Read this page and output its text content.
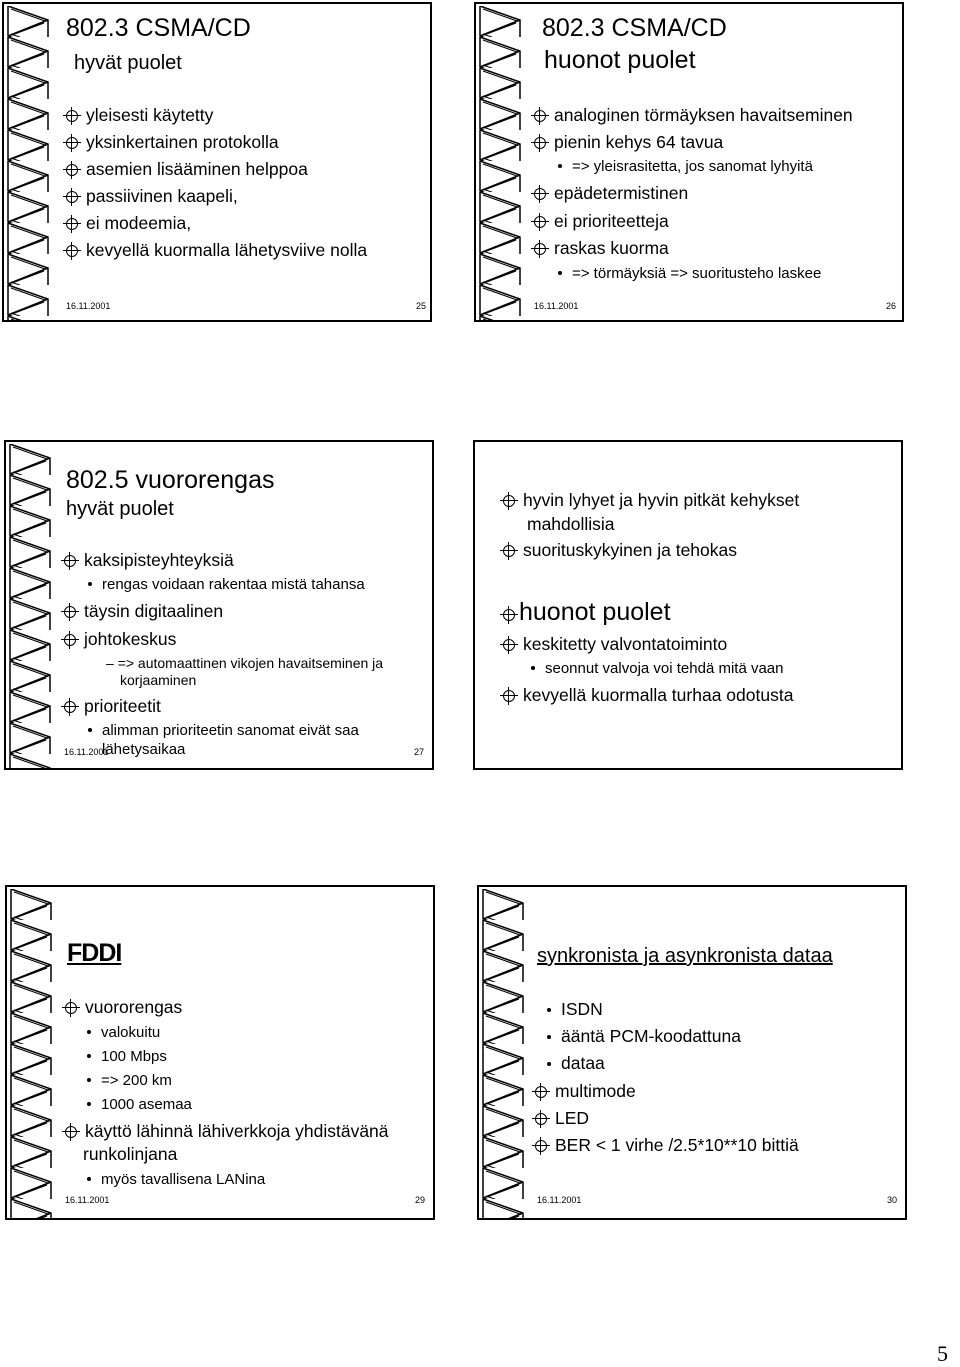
802.3 CSMA/CD
hyvät puolet
yleisesti käytetty
yksinkertainen protokolla
asemien lisääminen helppoa
passiivinen kaapeli,
ei modeemia,
kevyellä kuormalla lähetysviive nolla
16.11.2001	25
802.3 CSMA/CD
huonot puolet
analoginen törmäyksen havaitseminen
pienin kehys 64 tavua
=> yleisrasitetta, jos sanomat lyhyitä
epädetermistinen
ei prioriteetteja
raskas kuorma
=> törmäyksiä => suoritusteho laskee
16.11.2001	26
802.5 vuororengas
hyvät puolet
kaksipisteyhteyksiä
rengas voidaan rakentaa mistä tahansa
täysin digitaalinen
johtokeskus
– => automaattinen vikojen havaitseminen ja
korjaaminen
prioriteetit
alimman prioriteetin sanomat eivät saa
16.11.2001
lähetysaikaa	27
hyvin lyhyet ja hyvin pitkät kehykset
mahdollisia
suorituskykyinen ja tehokas
huonot puolet
keskitetty valvontatoiminto
seonnut valvoja voi tehdä mitä vaan
kevyellä kuormalla turhaa odotusta
FDDI
vuororengas
valokuitu
100 Mbps
=> 200 km
1000 asemaa
käyttö lähinnä lähiverkkoja yhdistävänä
runkolinjana
myös tavallisena LANina
16.11.2001	29
synkronista ja asynkronista dataa
ISDN
ääntä PCM-koodattuna
dataa
multimode
LED
BER < 1 virhe /2.5*10**10 bittiä
16.11.2001	30
5
